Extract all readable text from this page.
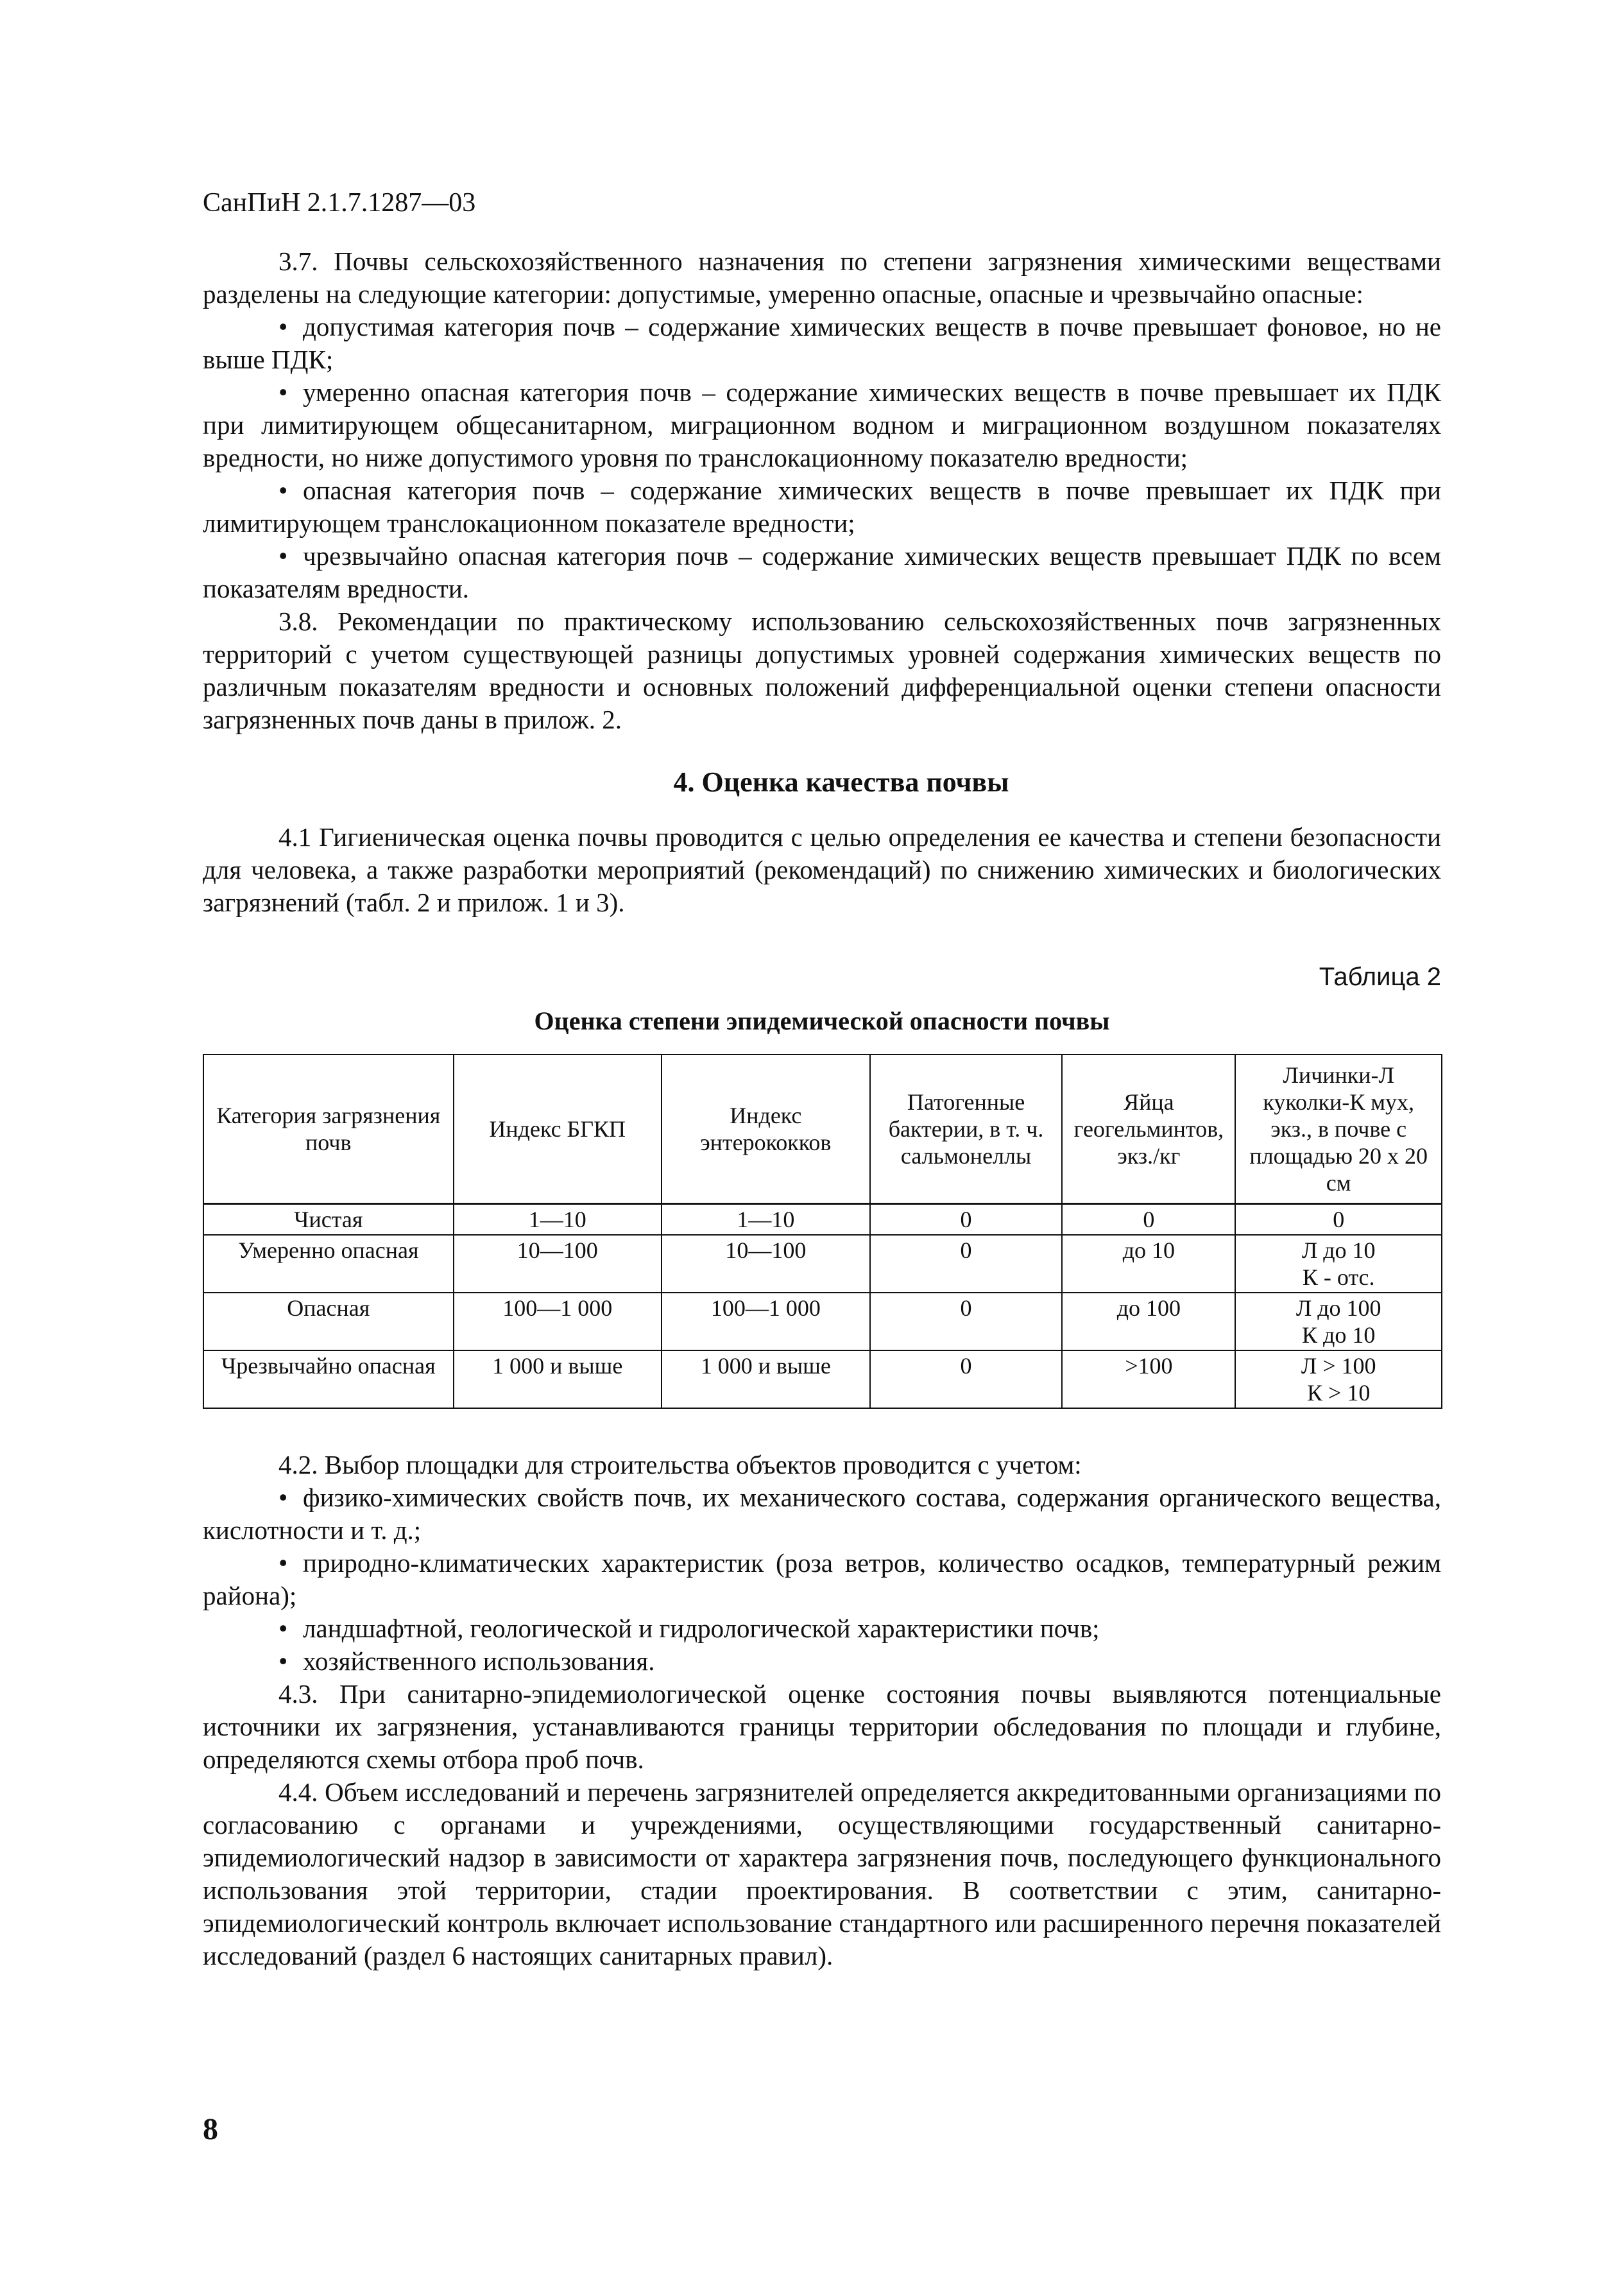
СанПиН 2.1.7.1287—03

3.7. Почвы сельскохозяйственного назначения по степени загрязнения химическими веществами разделены на следующие категории: допустимые, умеренно опасные, опасные и чрезвычайно опасные:

• допустимая категория почв – содержание химических веществ в почве превышает фоновое, но не выше ПДК;
• умеренно опасная категория почв – содержание химических веществ в почве превышает их ПДК при лимитирующем общесанитарном, миграционном водном и миграционном воздушном показателях вредности, но ниже допустимого уровня по транслокационному показателю вредности;
• опасная категория почв – содержание химических веществ в почве превышает их ПДК при лимитирующем транслокационном показателе вредности;
• чрезвычайно опасная категория почв – содержание химических веществ превышает ПДК по всем показателям вредности.

3.8. Рекомендации по практическому использованию сельскохозяйственных почв загрязненных территорий с учетом существующей разницы допустимых уровней содержания химических веществ по различным показателям вредности и основных положений дифференциальной оценки степени опасности загрязненных почв даны в прилож. 2.

4. Оценка качества почвы

4.1 Гигиеническая оценка почвы проводится с целью определения ее качества и степени безопасности для человека, а также разработки мероприятий (рекомендаций) по снижению химических и биологических загрязнений (табл. 2 и прилож. 1 и 3).

Таблица 2
Оценка степени эпидемической опасности почвы
Категория загрязнения почв	Индекс БГКП	Индекс энтерококков	Патогенные бактерии, в т. ч. сальмонеллы	Яйца геогельминтов, экз./кг	Личинки-Л куколки-К мух, экз., в почве с площадью 20 х 20 см
Чистая	1—10	1—10	0	0	0

Умеренно опасная	10—100	10—100	0	до 10	Л до 10
К - отс.

Опасная	100—1 000	100—1 000	0	до 100	Л до 100
К до 10

Чрезвычайно опасная	1 000 и выше	1 000 и выше	0	>100	Л > 100
К > 10

4.2. Выбор площадки для строительства объектов проводится с учетом:

• физико-химических свойств почв, их механического состава, содержания органического вещества, кислотности и т. д.;
• природно-климатических характеристик (роза ветров, количество осадков, температурный режим района);
• ландшафтной, геологической и гидрологической характеристики почв;
• хозяйственного использования.

4.3. При санитарно-эпидемиологической оценке состояния почвы выявляются потенциальные источники их загрязнения, устанавливаются границы территории обследования по площади и глубине, определяются схемы отбора проб почв.

4.4. Объем исследований и перечень загрязнителей определяется аккредитованными организациями по согласованию с органами и учреждениями, осуществляющими государственный санитарно-эпидемиологический надзор в зависимости от характера загрязнения почв, последующего функционального использования этой территории, стадии проектирования. В соответствии с этим, санитарно-эпидемиологический контроль включает использование стандартного или расширенного перечня показателей исследований (раздел 6 настоящих санитарных правил).

8
